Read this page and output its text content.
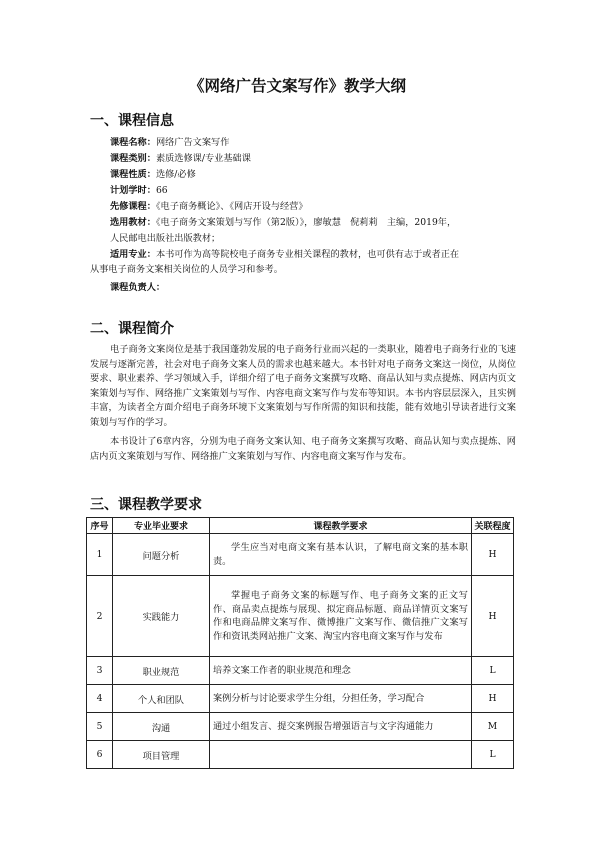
《网络广告文案写作》教学大纲
一、课程信息
课程名称：网络广告文案写作
课程类别：素质选修课/专业基础课
课程性质：选修/必修
计划学时：66
先修课程：《电子商务概论》、《网店开设与经营》
选用教材：《电子商务文案策划与写作（第2版）》，廖敏慧　倪莉莉　主编，2019年，
人民邮电出版社出版教材；
适用专业：本书可作为高等院校电子商务专业相关课程的教材，也可供有志于或者正在
从事电子商务文案相关岗位的人员学习和参考。
课程负责人：
二、课程简介
电子商务文案岗位是基于我国蓬勃发展的电子商务行业而兴起的一类职业，随着电子商务行业的飞速发展与逐渐完善，社会对电子商务文案人员的需求也越来越大。本书针对电子商务文案这一岗位，从岗位要求、职业素养、学习领域入手，详细介绍了电子商务文案撰写攻略、商品认知与卖点提炼、网店内页文案策划与写作、网络推广文案策划与写作、内容电商文案写作与发布等知识。本书内容层层深入，且实例丰富，为读者全方面介绍电子商务环境下文案策划与写作所需的知识和技能，能有效地引导读者进行文案策划与写作的学习。
本书设计了6章内容，分别为电子商务文案认知、电子商务文案撰写攻略、商品认知与卖点提炼、网店内页文案策划与写作、网络推广文案策划与写作、内容电商文案写作与发布。
三、课程教学要求
序号	专业毕业要求	课程教学要求	关联程度
1	问题分析	学生应当对电商文案有基本认识，了解电商文案的基本职责。	H
2	实践能力	掌握电子商务文案的标题写作、电子商务文案的正文写作、商品卖点提炼与展现、拟定商品标题、商品详情页文案写作和电商品牌文案写作、微博推广文案写作、微信推广文案写作和资讯类网站推广文案、淘宝内容电商文案写作与发布	H
3	职业规范	培养文案工作者的职业规范和理念	L
4	个人和团队	案例分析与讨论要求学生分组，分担任务，学习配合	H
5	沟通	通过小组发言、提交案例报告增强语言与文字沟通能力	M
6	项目管理		L
